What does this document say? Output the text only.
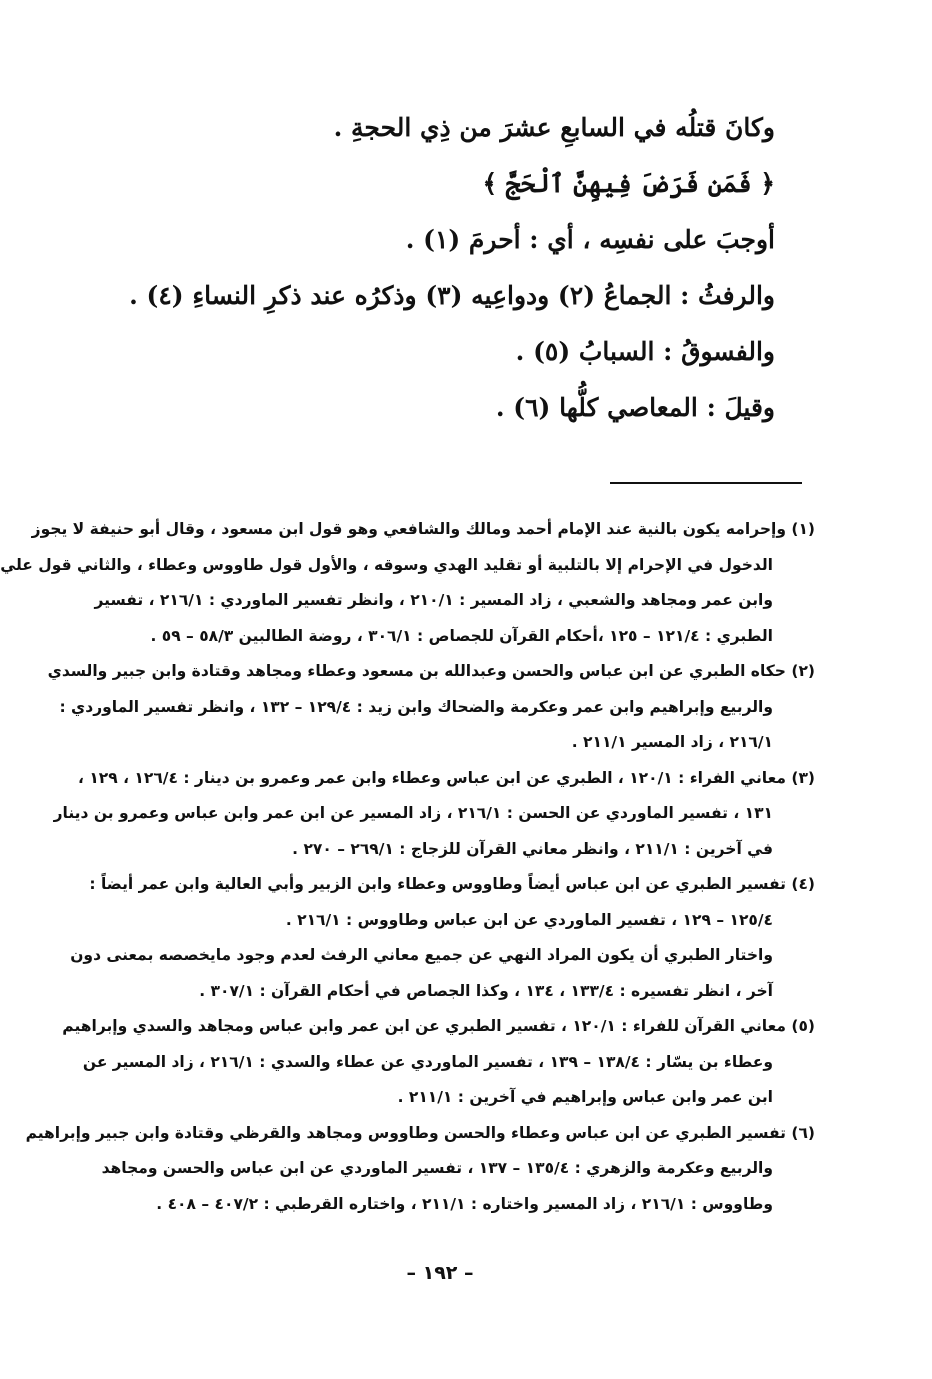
وكانَ قتلُه في السابعِ عشرَ من ذِي الحجةِ .
﴿ فَمَن فَرَضَ فِيهِنَّ ٱلْحَجَّ ﴾
أوجبَ على نفسِه ، أي : أحرمَ (١) .
والرفثُ : الجماعُ (٢) ودواعِيه (٣) وذكرُه عند ذكرِ النساءِ (٤) .
والفسوقُ : السبابُ (٥) .
وقيلَ : المعاصي كلُّها (٦) .
(١) وإحرامه يكون بالنية عند الإمام أحمد ومالك والشافعي وهو قول ابن مسعود ، وقال أبو حنيفة لا يجوز
الدخول في الإحرام إلا بالتلبية أو تقليد الهدي وسوقه ، والأول قول طاووس وعطاء ، والثاني قول علي
وابن عمر ومجاهد والشعبي ، زاد المسير : ٢١٠/١ ، وانظر تفسير الماوردي : ٢١٦/١ ، تفسير
الطبري : ١٢١/٤ – ١٢٥ ،أحكام القرآن للجصاص : ٣٠٦/١ ، روضة الطالبين ٥٨/٣ – ٥٩ .
(٢) حكاه الطبري عن ابن عباس والحسن وعبدالله بن مسعود وعطاء ومجاهد وقتادة وابن جبير والسدي
والربيع وإبراهيم وابن عمر وعكرمة والضحاك وابن زيد : ١٢٩/٤ – ١٣٢ ، وانظر تفسير الماوردي :
٢١٦/١ ، زاد المسير ٢١١/١ .
(٣) معاني الفراء : ١٢٠/١ ، الطبري عن ابن عباس وعطاء وابن عمر وعمرو بن دينار : ١٢٦/٤ ، ١٢٩ ،
١٣١ ، تفسير الماوردي عن الحسن : ٢١٦/١ ، زاد المسير عن ابن عمر وابن عباس وعمرو بن دينار
في آخرين : ٢١١/١ ، وانظر معاني القرآن للزجاج : ٢٦٩/١ – ٢٧٠ .
(٤) تفسير الطبري عن ابن عباس أيضاً وطاووس وعطاء وابن الزبير وأبي العالية وابن عمر أيضاً :
١٢٥/٤ – ١٢٩ ، تفسير الماوردي عن ابن عباس وطاووس : ٢١٦/١ .
واختار الطبري أن يكون المراد النهي عن جميع معاني الرفث لعدم وجود مايخصصه بمعنى دون
آخر ، انظر تفسيره : ١٣٣/٤ ، ١٣٤ ، وكذا الجصاص في أحكام القرآن : ٣٠٧/١ .
(٥) معاني القرآن للفراء : ١٢٠/١ ، تفسير الطبري عن ابن عمر وابن عباس ومجاهد والسدي وإبراهيم
وعطاء بن يسّار : ١٣٨/٤ – ١٣٩ ، تفسير الماوردي عن عطاء والسدي : ٢١٦/١ ، زاد المسير عن
ابن عمر وابن عباس وإبراهيم في آخرين : ٢١١/١ .
(٦) تفسير الطبري عن ابن عباس وعطاء والحسن وطاووس ومجاهد والقرظي وقتادة وابن جبير وإبراهيم
والربيع وعكرمة والزهري : ١٣٥/٤ – ١٣٧ ، تفسير الماوردي عن ابن عباس والحسن ومجاهد
وطاووس : ٢١٦/١ ، زاد المسير واختاره : ٢١١/١ ، واختاره القرطبي : ٤٠٧/٢ – ٤٠٨ .
– ١٩٢ –
